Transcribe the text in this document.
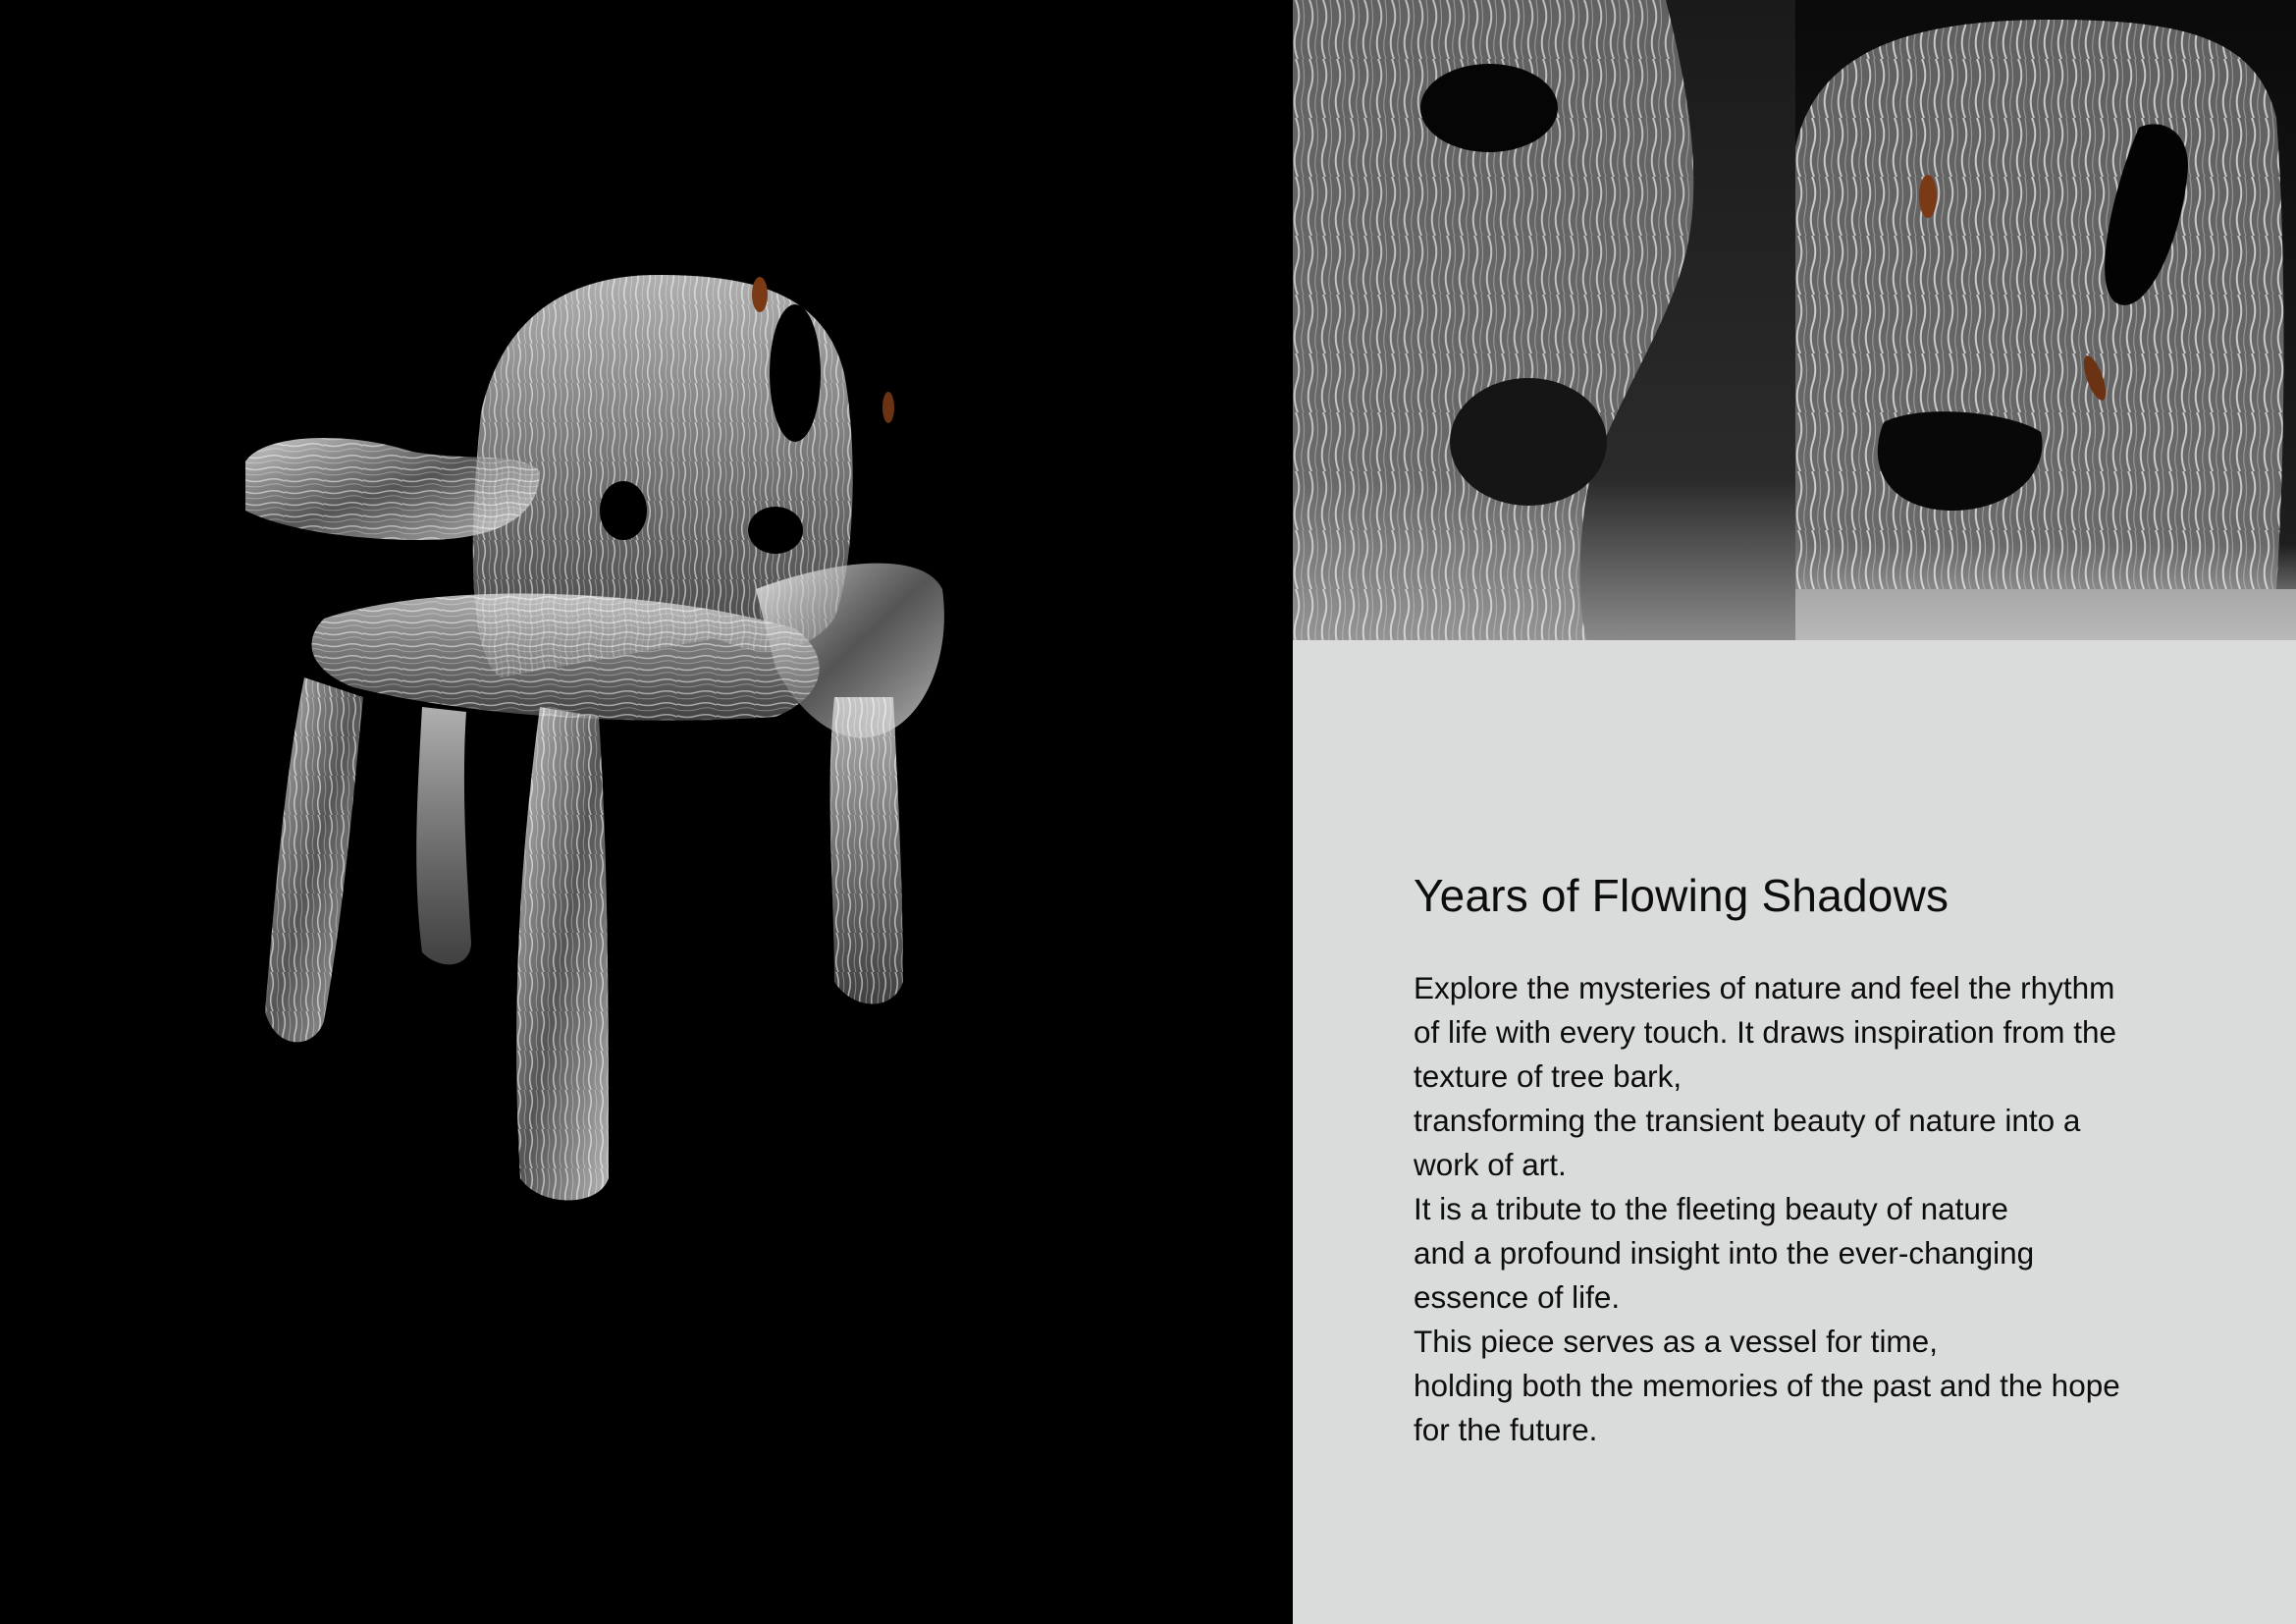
Years of Flowing Shadows
Explore the mysteries of nature and feel the rhythm
of life with every touch. It draws inspiration from the
texture of tree bark,
transforming the transient beauty of nature into a
work of art.
It is a tribute to the fleeting beauty of nature
and a profound insight into the ever-changing
essence of life.
This piece serves as a vessel for time,
holding both the memories of the past and the hope
for the future.
